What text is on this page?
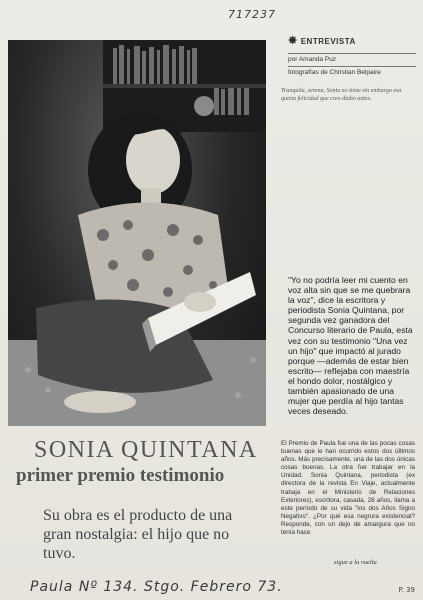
717237
✸ ENTREVISTA
por Amanda Puz
fotografías de Christian Belpaire
Tranquila, serena, Sonia no tiene sin embargo esa quieta felicidad que creo diabo antes.
"Yo no podría leer mi cuento en voz alta sin que se me quebrara la voz", dice la escritora y periodista Sonia Quintana, por segunda vez ganadora del Concurso literario de Paula, esta vez con su testimonio "Una vez un hijo" que impactó al jurado porque —además de estar bien escrito— reflejaba con maestría el hondo dolor, nostálgico y también apasionado de una mujer que perdía al hijo tantas veces deseado.
SONIA QUINTANA
primer premio testimonio
Su obra es el producto de una gran nostalgia: el hijo que no tuvo.
El Premio de Paula fue una de las pocas cosas buenas que le han ocurrido estos dos últimos años. Más precisamente, una de las dos únicas cosas buenas. La otra fue trabajar en la Unidad. Sonia Quintana, periodista (ex directora de la revista En Viaje, actualmente trabaja en el Ministerio de Relaciones Exteriores), escritora, casada, 28 años, llama a este período de su vida "los dos Años Signo Negativo". ¿Por qué esa negrura existencial? Responde, con un dejo de amargura que no tenía hace
sigue a la vuelta
Paula Nº 134. Stgo. Febrero 73.	P. 39
